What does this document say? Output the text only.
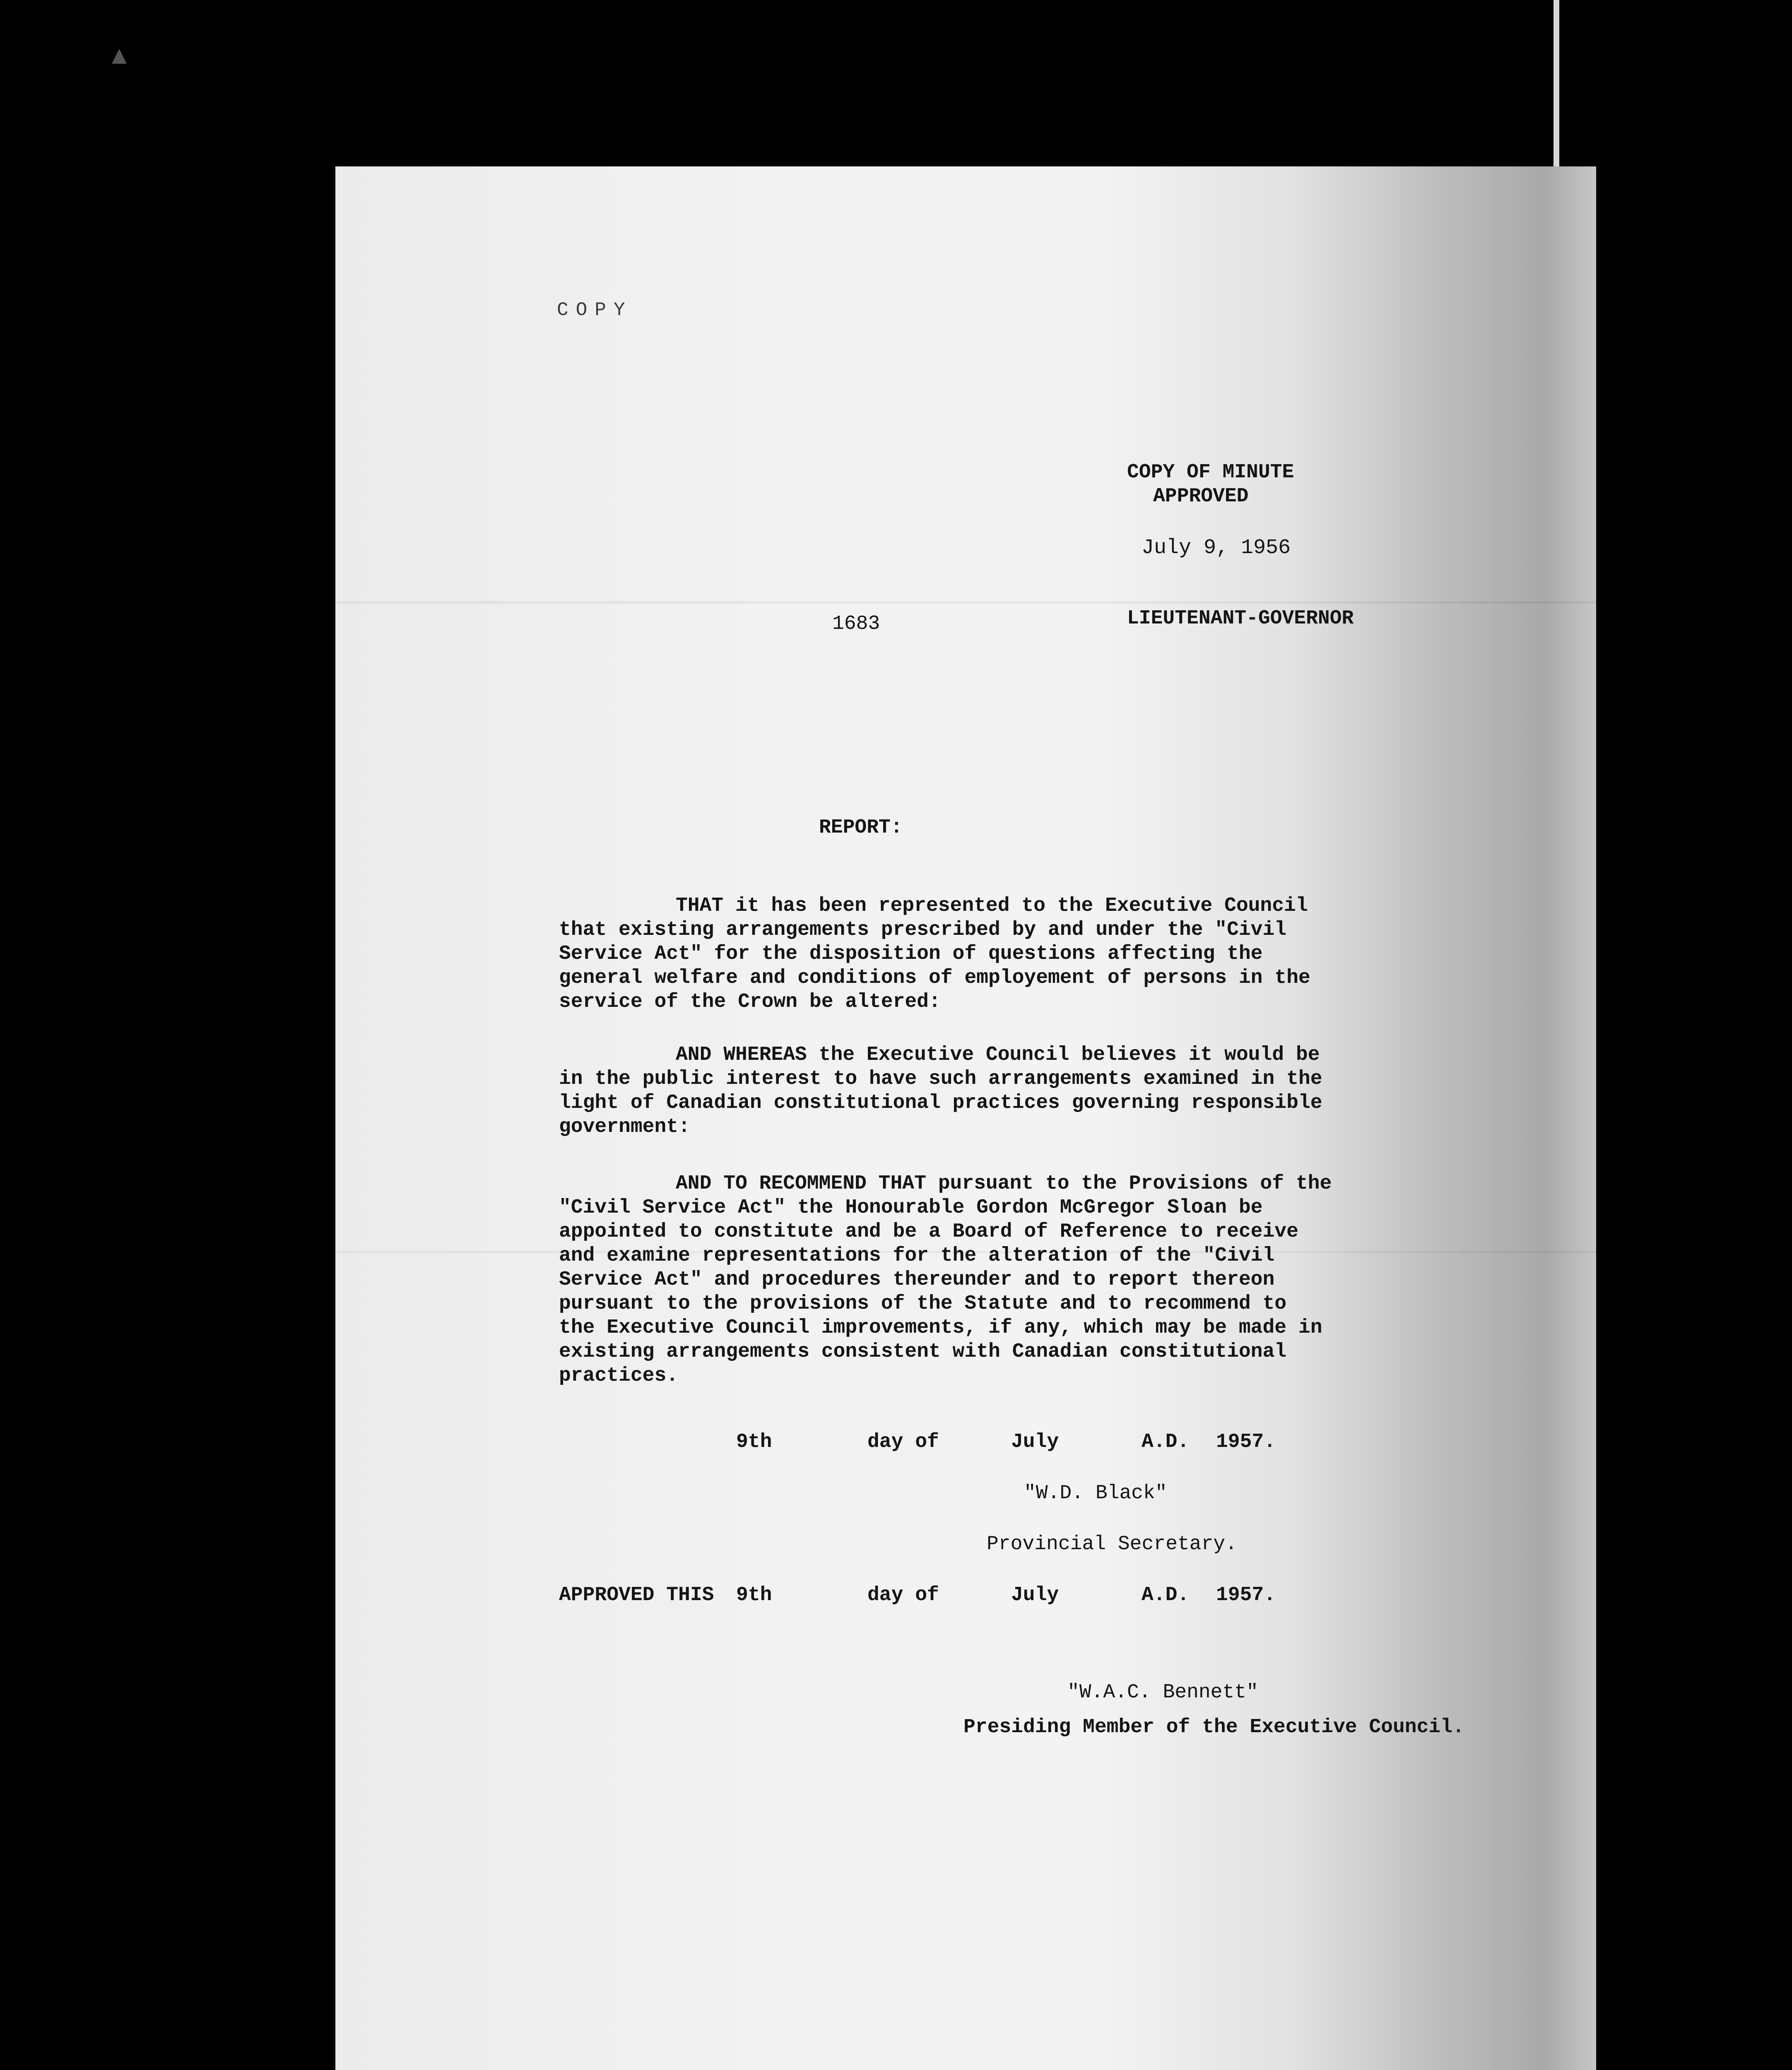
COPY
COPY OF MINUTE
APPROVED
July 9, 1956
LIEUTENANT-GOVERNOR
1683
REPORT:
THAT it has been represented to the Executive Council
that existing arrangements prescribed by and under the "Civil
Service Act" for the disposition of questions affecting the
general welfare and conditions of employement of persons in the
service of the Crown be altered:
AND WHEREAS the Executive Council believes it would be
in the public interest to have such arrangements examined in the
light of Canadian constitutional practices governing responsible
government:
AND TO RECOMMEND THAT pursuant to the Provisions of the
"Civil Service Act" the Honourable Gordon McGregor Sloan be
appointed to constitute and be a Board of Reference to receive
and examine representations for the alteration of the "Civil
Service Act" and procedures thereunder and to report thereon
pursuant to the provisions of the Statute and to recommend to
the Executive Council improvements, if any, which may be made in
existing arrangements consistent with Canadian constitutional
practices.
9th	day of	July	A.D. 1957.
"W.D. Black"
Provincial Secretary.
APPROVED THIS 9th	day of	July	A.D. 1957.
"W.A.C. Bennett"
Presiding Member of the Executive Council.
